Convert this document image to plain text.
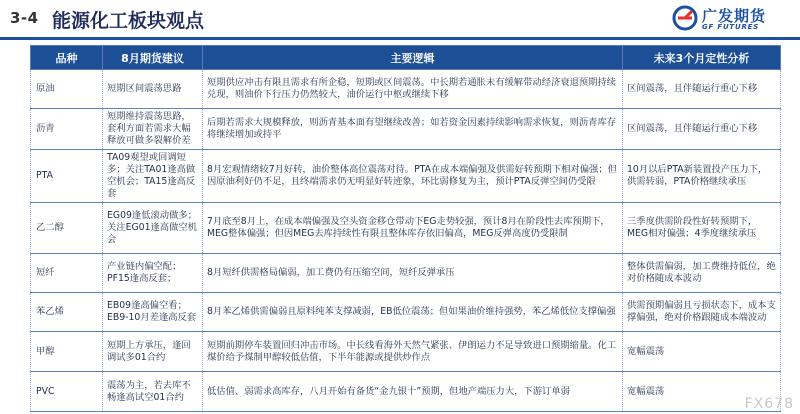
3-4 能源化工板块观点	广发期货
GF FUTURES
品种	8月期货建议	主要逻辑	未来3个月定性分析
原油	短期区间震荡思路	短期供应冲击有限且需求有所企稳，短期或区间震荡。中长期若通胀未有缓解带动经济衰退预期持续兑现，则油价下行压力仍然较大，油价运行中枢或继续下移	区间震荡，且伴随运行重心下移
沥青	短期维持震荡思路，套利方面若需求大幅释放可做多裂解价差	后期若需求大规模释放，则沥青基本面有望继续改善；如若资金因素持续影响需求恢复，则沥青库存将继续增加或持平	区间震荡，且伴随运行重心下移
PTA	TA09观望或回调短多；关注TA01逢高做空机会；TA15逢高反套	8月宏观情绪较7月好转，油价整体高位震荡对待。PTA在成本端偏强及供需好转预期下相对偏强；但因原油利好仍不足，且终端需求仍无明显好转迹象，环比弱修复为主，预计PTA反弹空间仍受限	10月以后PTA新装置投产压力下，供需转弱，PTA价格继续承压
乙二醇	EG09逢低滚动做多；关注EG01逢高做空机会	7月底至8月上，在成本端偏强及空头资金移仓带动下EG走势较强，预计8月在阶段性去库预期下，MEG整体偏强；但因MEG去库持续性有限且整体库存依旧偏高，MEG反弹高度仍受限制	三季度供需阶段性好转预期下，MEG相对偏强；4季度继续承压
短纤	产业链内偏空配；PF15逢高反套；	8月短纤供需格局偏弱，加工费仍有压缩空间，短纤反弹承压	整体供需偏弱，加工费维持低位，绝对价格随成本波动
苯乙烯	EB09逢高偏空看；EB9-10月差逢高反套	8月苯乙烯供需偏弱且原料纯苯支撑减弱，EB低位震荡；但如果油价维持强势，苯乙烯低位支撑偏强	供需预期偏弱且亏损状态下，成本支撑偏强，绝对价格跟随成本端波动
甲醇	短期上方承压，逢回调试多01合约	短期前期停车装置回归冲击市场。中长线看海外天然气紧张、伊朗运力不足导致进口预期缩量。化工煤价给予煤制甲醇较低估值，下半年能源或提供炒作点	宽幅震荡
PVC	震荡为主，若去库不畅逢高试空01合约	低估值、弱需求高库存，八月开始有备货“金九银十”预期，但地产端压力大，下游订单弱	宽幅震荡
FX678
